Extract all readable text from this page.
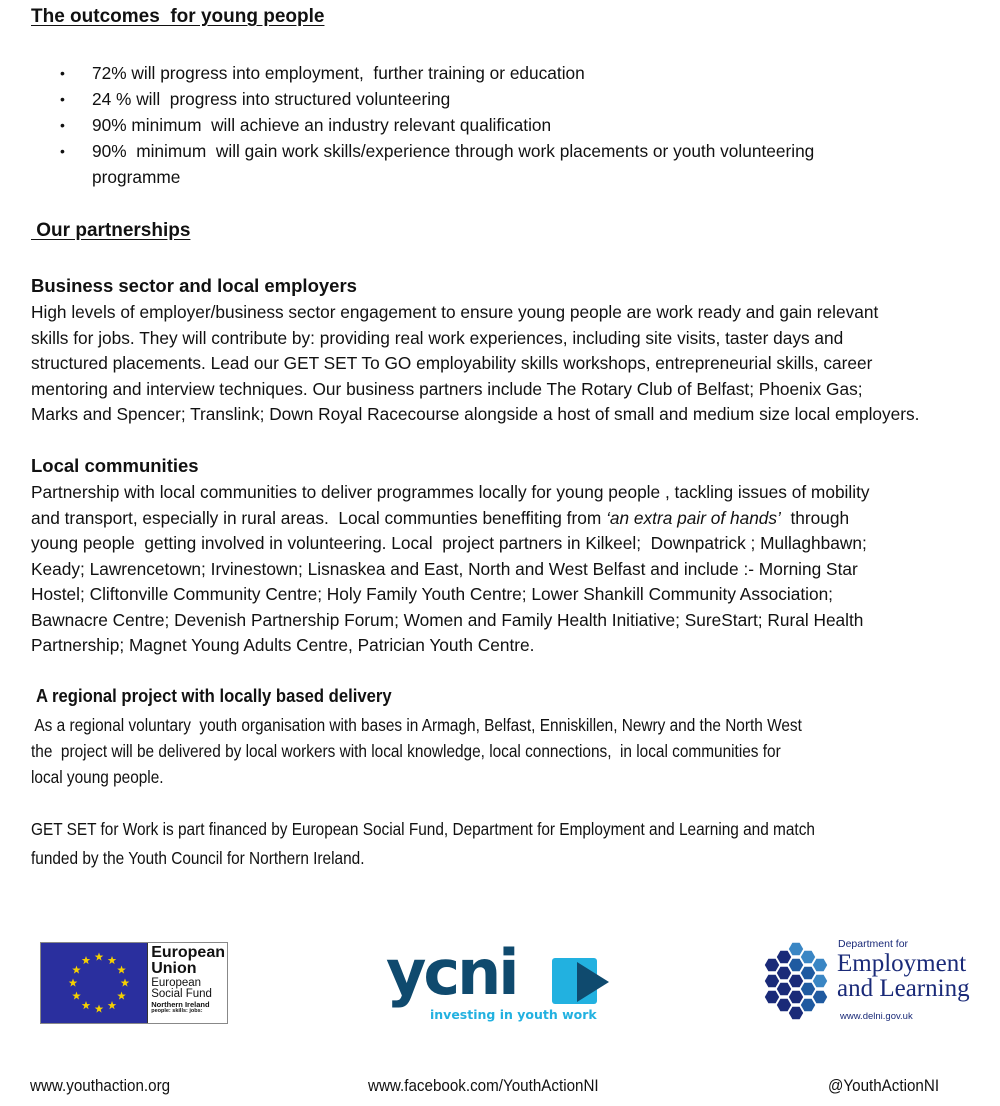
The outcomes  for young people
• 72% will progress into employment,  further training or education
• 24 % will  progress into structured volunteering
• 90% minimum  will achieve an industry relevant qualification
• 90%  minimum  will gain work skills/experience through work placements or youth volunteering
programme
Our partnerships
Business sector and local employers
High levels of employer/business sector engagement to ensure young people are work ready and gain relevant
skills for jobs. They will contribute by: providing real work experiences, including site visits, taster days and
structured placements. Lead our GET SET To GO employability skills workshops, entrepreneurial skills, career
mentoring and interview techniques. Our business partners include The Rotary Club of Belfast; Phoenix Gas;
Marks and Spencer; Translink; Down Royal Racecourse alongside a host of small and medium size local employers.
Local communities
Partnership with local communities to deliver programmes locally for young people , tackling issues of mobility
and transport, especially in rural areas.  Local communties beneffiting from ‘an extra pair of hands’  through
young people  getting involved in volunteering. Local  project partners in Kilkeel;  Downpatrick ; Mullaghbawn;
Keady; Lawrencetown; Irvinestown; Lisnaskea and East, North and West Belfast and include :- Morning Star
Hostel; Cliftonville Community Centre; Holy Family Youth Centre; Lower Shankill Community Association;
Bawnacre Centre; Devenish Partnership Forum; Women and Family Health Initiative; SureStart; Rural Health
Partnership; Magnet Young Adults Centre, Patrician Youth Centre.
A regional project with locally based delivery
As a regional voluntary  youth organisation with bases in Armagh, Belfast, Enniskillen, Newry and the North West
the  project will be delivered by local workers with local knowledge, local connections,  in local communities for
local young people.
GET SET for Work is part financed by European Social Fund, Department for Employment and Learning and match
funded by the Youth Council for Northern Ireland.
European
Union
European
Social Fund
Northern Ireland
people: skills: jobs:
ycni
investing in youth work
Department for
Employment
and Learning
www.delni.gov.uk
www.youthaction.org	www.facebook.com/YouthActionNI	@YouthActionNI
